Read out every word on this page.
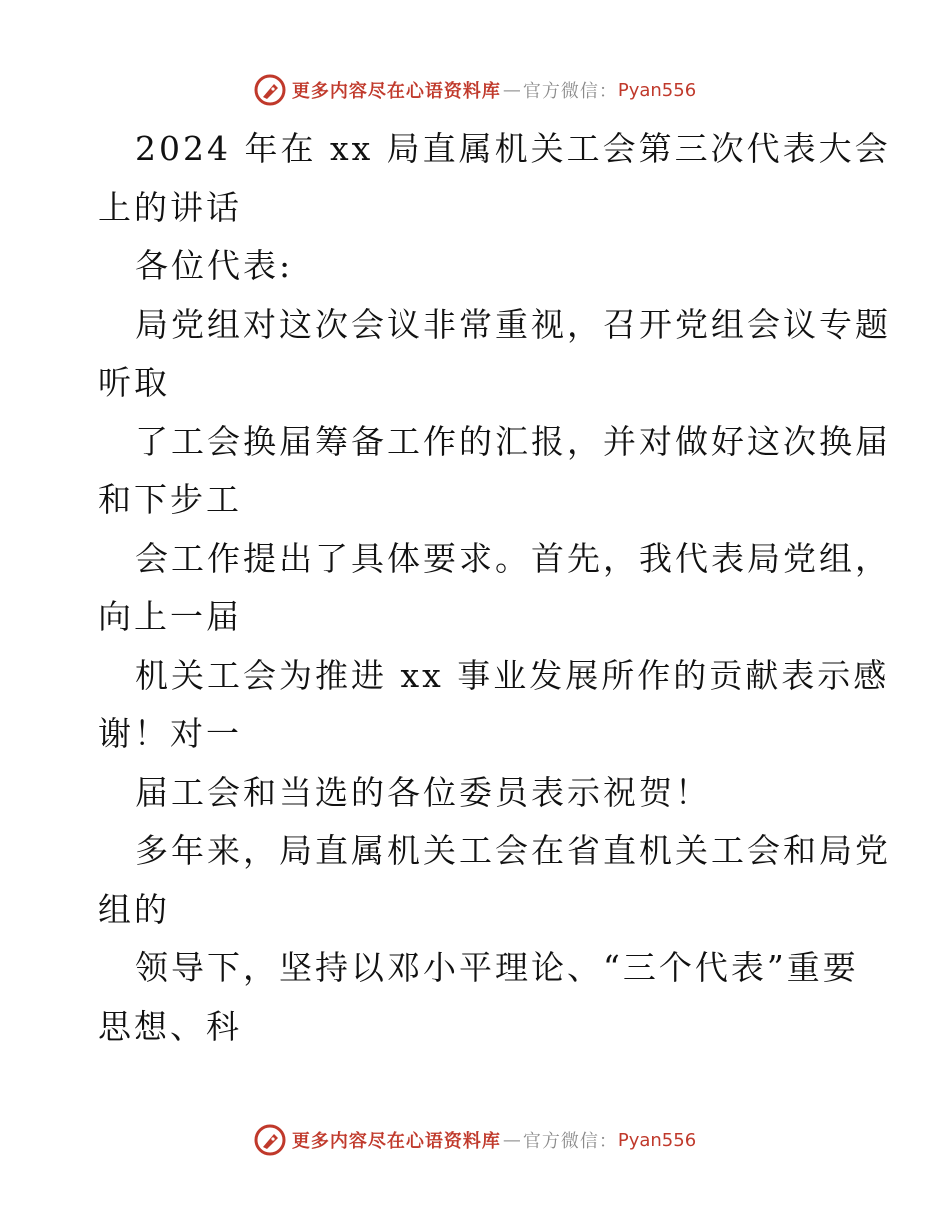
更多内容尽在心语资料库 — 官方微信： Pyan556
2024 年在 xx 局直属机关工会第三次代表大会
上的讲话
各位代表:
局党组对这次会议非常重视，召开党组会议专题
听取
了工会换届筹备工作的汇报，并对做好这次换届
和下步工
会工作提出了具体要求。首先，我代表局党组，
向上一届
机关工会为推进 xx 事业发展所作的贡献表示感
谢！对一
届工会和当选的各位委员表示祝贺！
多年来，局直属机关工会在省直机关工会和局党
组的
领导下，坚持以邓小平理论、“三个代表”重要
思想、科
更多内容尽在心语资料库 — 官方微信： Pyan556
